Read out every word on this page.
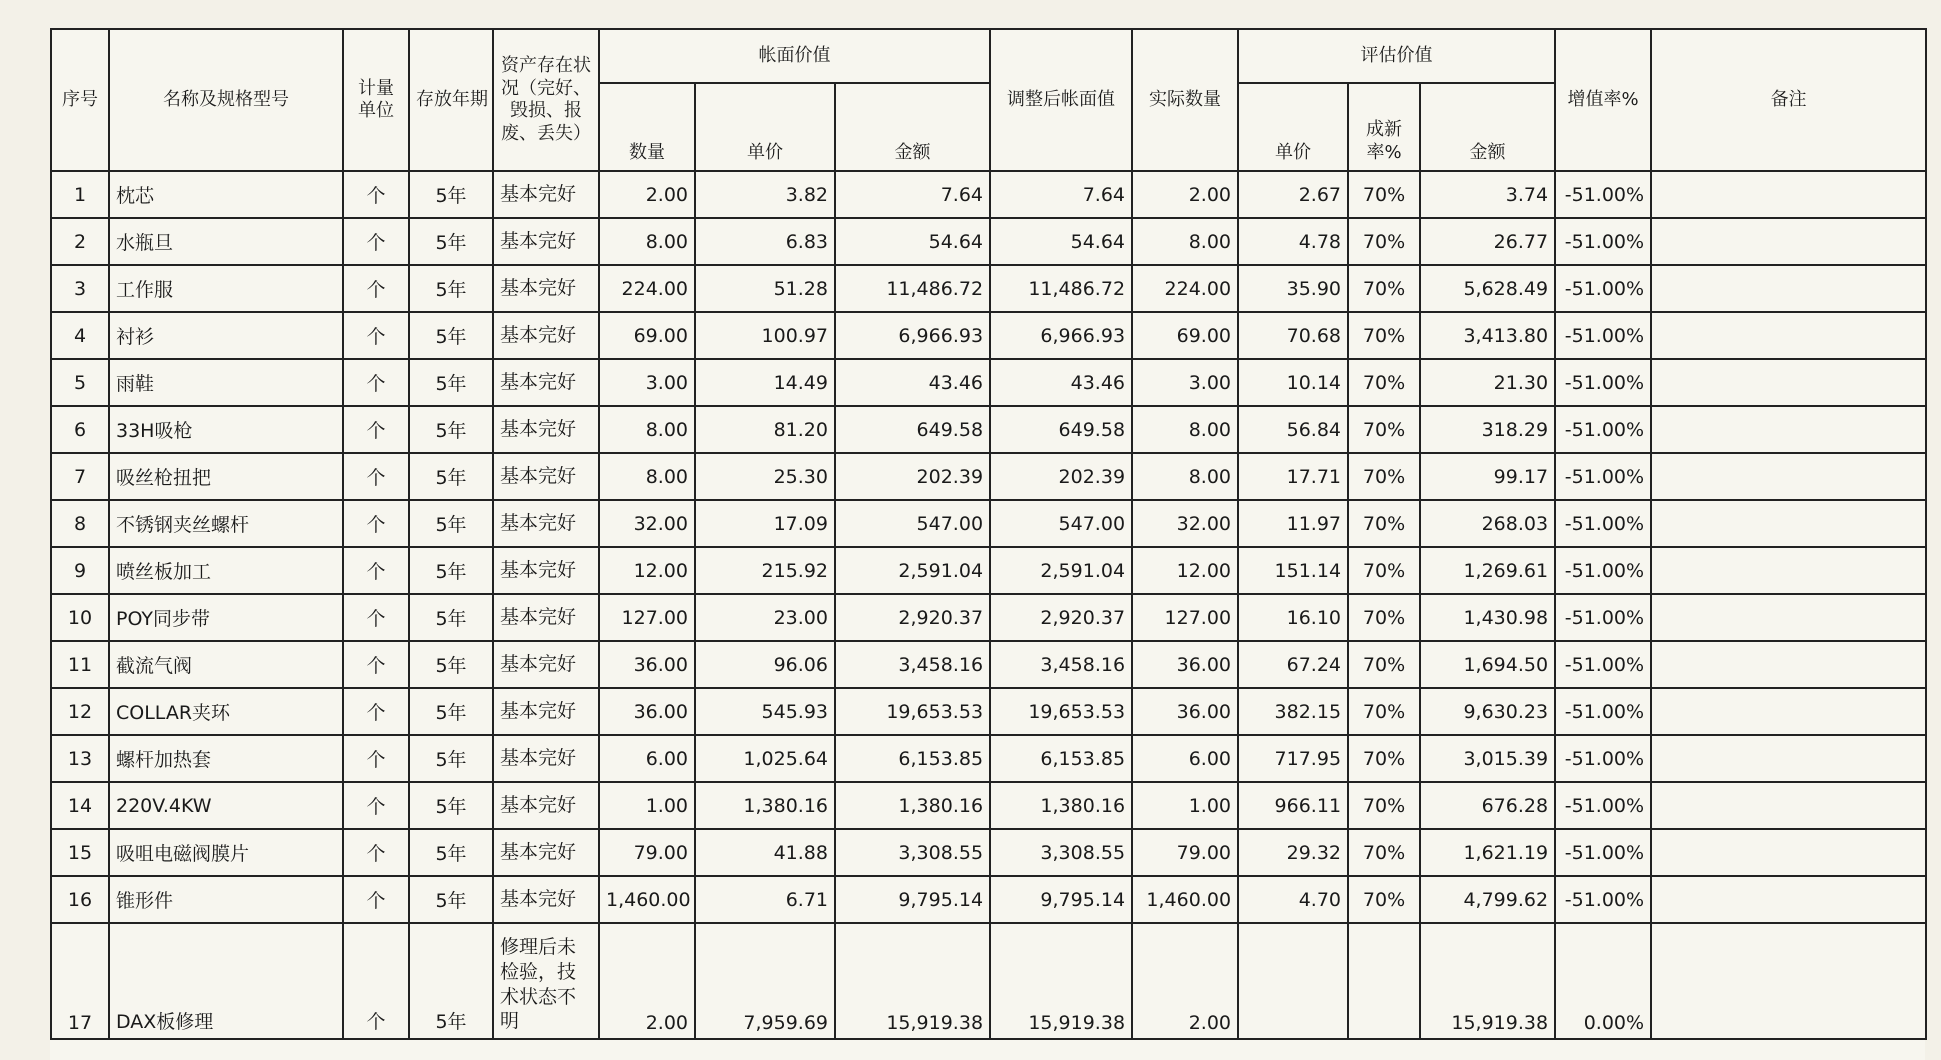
序号	名称及规格型号	计量单位	存放年期	资产存在状况（完好、毁损、报废、丢失）	帐面价值			调整后帐面值	实际数量	评估价值			增值率%	备注
					数量	单价	金额			单价	成新率%	金额		
1	枕芯	个	5年	基本完好	2.00	3.82	7.64	7.64	2.00	2.67	70%	3.74	-51.00%	
2	水瓶旦	个	5年	基本完好	8.00	6.83	54.64	54.64	8.00	4.78	70%	26.77	-51.00%	
3	工作服	个	5年	基本完好	224.00	51.28	11,486.72	11,486.72	224.00	35.90	70%	5,628.49	-51.00%	
4	衬衫	个	5年	基本完好	69.00	100.97	6,966.93	6,966.93	69.00	70.68	70%	3,413.80	-51.00%	
5	雨鞋	个	5年	基本完好	3.00	14.49	43.46	43.46	3.00	10.14	70%	21.30	-51.00%	
6	33H吸枪	个	5年	基本完好	8.00	81.20	649.58	649.58	8.00	56.84	70%	318.29	-51.00%	
7	吸丝枪扭把	个	5年	基本完好	8.00	25.30	202.39	202.39	8.00	17.71	70%	99.17	-51.00%	
8	不锈钢夹丝螺杆	个	5年	基本完好	32.00	17.09	547.00	547.00	32.00	11.97	70%	268.03	-51.00%	
9	喷丝板加工	个	5年	基本完好	12.00	215.92	2,591.04	2,591.04	12.00	151.14	70%	1,269.61	-51.00%	
10	POY同步带	个	5年	基本完好	127.00	23.00	2,920.37	2,920.37	127.00	16.10	70%	1,430.98	-51.00%	
11	截流气阀	个	5年	基本完好	36.00	96.06	3,458.16	3,458.16	36.00	67.24	70%	1,694.50	-51.00%	
12	COLLAR夹环	个	5年	基本完好	36.00	545.93	19,653.53	19,653.53	36.00	382.15	70%	9,630.23	-51.00%	
13	螺杆加热套	个	5年	基本完好	6.00	1,025.64	6,153.85	6,153.85	6.00	717.95	70%	3,015.39	-51.00%	
14	220V.4KW	个	5年	基本完好	1.00	1,380.16	1,380.16	1,380.16	1.00	966.11	70%	676.28	-51.00%	
15	吸咀电磁阀膜片	个	5年	基本完好	79.00	41.88	3,308.55	3,308.55	79.00	29.32	70%	1,621.19	-51.00%	
16	锥形件	个	5年	基本完好	1,460.00	6.71	9,795.14	9,795.14	1,460.00	4.70	70%	4,799.62	-51.00%	
17	DAX板修理	个	5年	修理后未检验，技术状态不明	2.00	7,959.69	15,919.38	15,919.38	2.00			15,919.38	0.00%	
